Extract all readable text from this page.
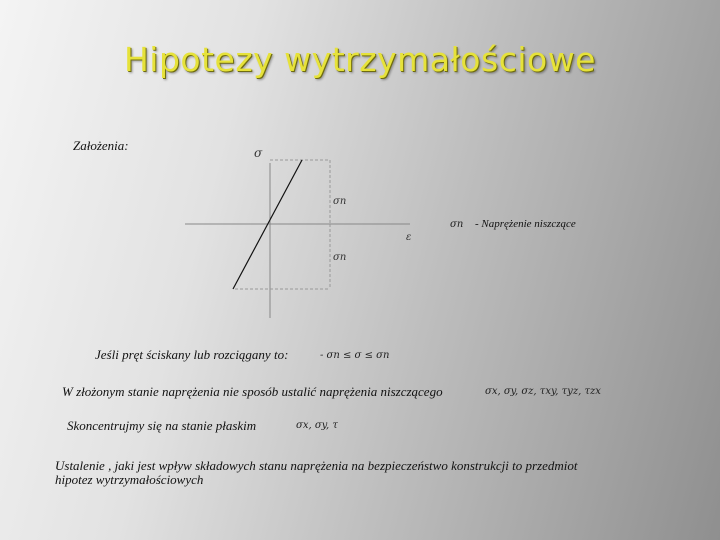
Hipotezy wytrzymałościowe
Założenia:	σ
ε
σn
σn
σn - Naprężenie niszczące
Jeśli pręt ściskany lub rozciągany to:	- σn ≤ σ ≤ σn
W złożonym stanie naprężenia nie sposób ustalić naprężenia niszczącego	σx, σy, σz, τxy, τyz, τzx
Skoncentrujmy się na stanie płaskim	σx, σy, τ
Ustalenie , jaki jest wpływ składowych stanu naprężenia na bezpieczeństwo konstrukcji to przedmiot
hipotez wytrzymałościowych
